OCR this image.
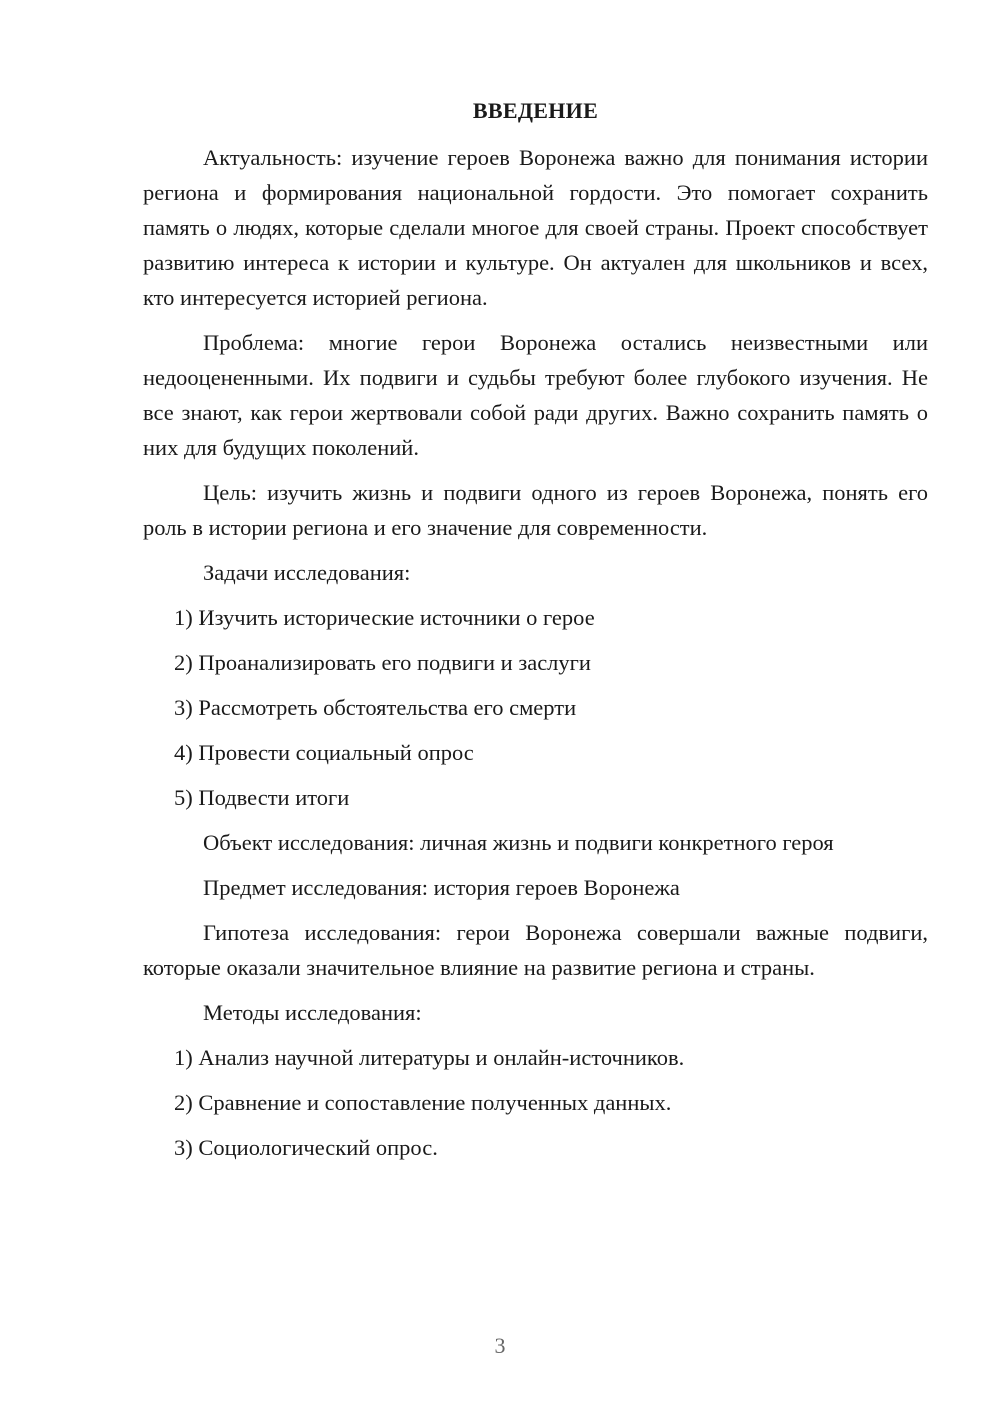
ВВЕДЕНИЕ

Актуальность: изучение героев Воронежа важно для понимания истории региона и формирования национальной гордости. Это помогает сохранить память о людях, которые сделали многое для своей страны. Проект способствует развитию интереса к истории и культуре. Он актуален для школьников и всех, кто интересуется историей региона.

Проблема: многие герои Воронежа остались неизвестными или недооцененными. Их подвиги и судьбы требуют более глубокого изучения. Не все знают, как герои жертвовали собой ради других. Важно сохранить память о них для будущих поколений.

Цель: изучить жизнь и подвиги одного из героев Воронежа, понять его роль в истории региона и его значение для современности.

Задачи исследования:
1) Изучить исторические источники о герое
2) Проанализировать его подвиги и заслуги
3) Рассмотреть обстоятельства его смерти
4) Провести социальный опрос
5) Подвести итоги
Объект исследования: личная жизнь и подвиги конкретного героя
Предмет исследования: история героев Воронежа

Гипотеза исследования: герои Воронежа совершали важные подвиги, которые оказали значительное влияние на развитие региона и страны.

Методы исследования:
1) Анализ научной литературы и онлайн-источников.
2) Сравнение и сопоставление полученных данных.
3) Социологический опрос.
3
